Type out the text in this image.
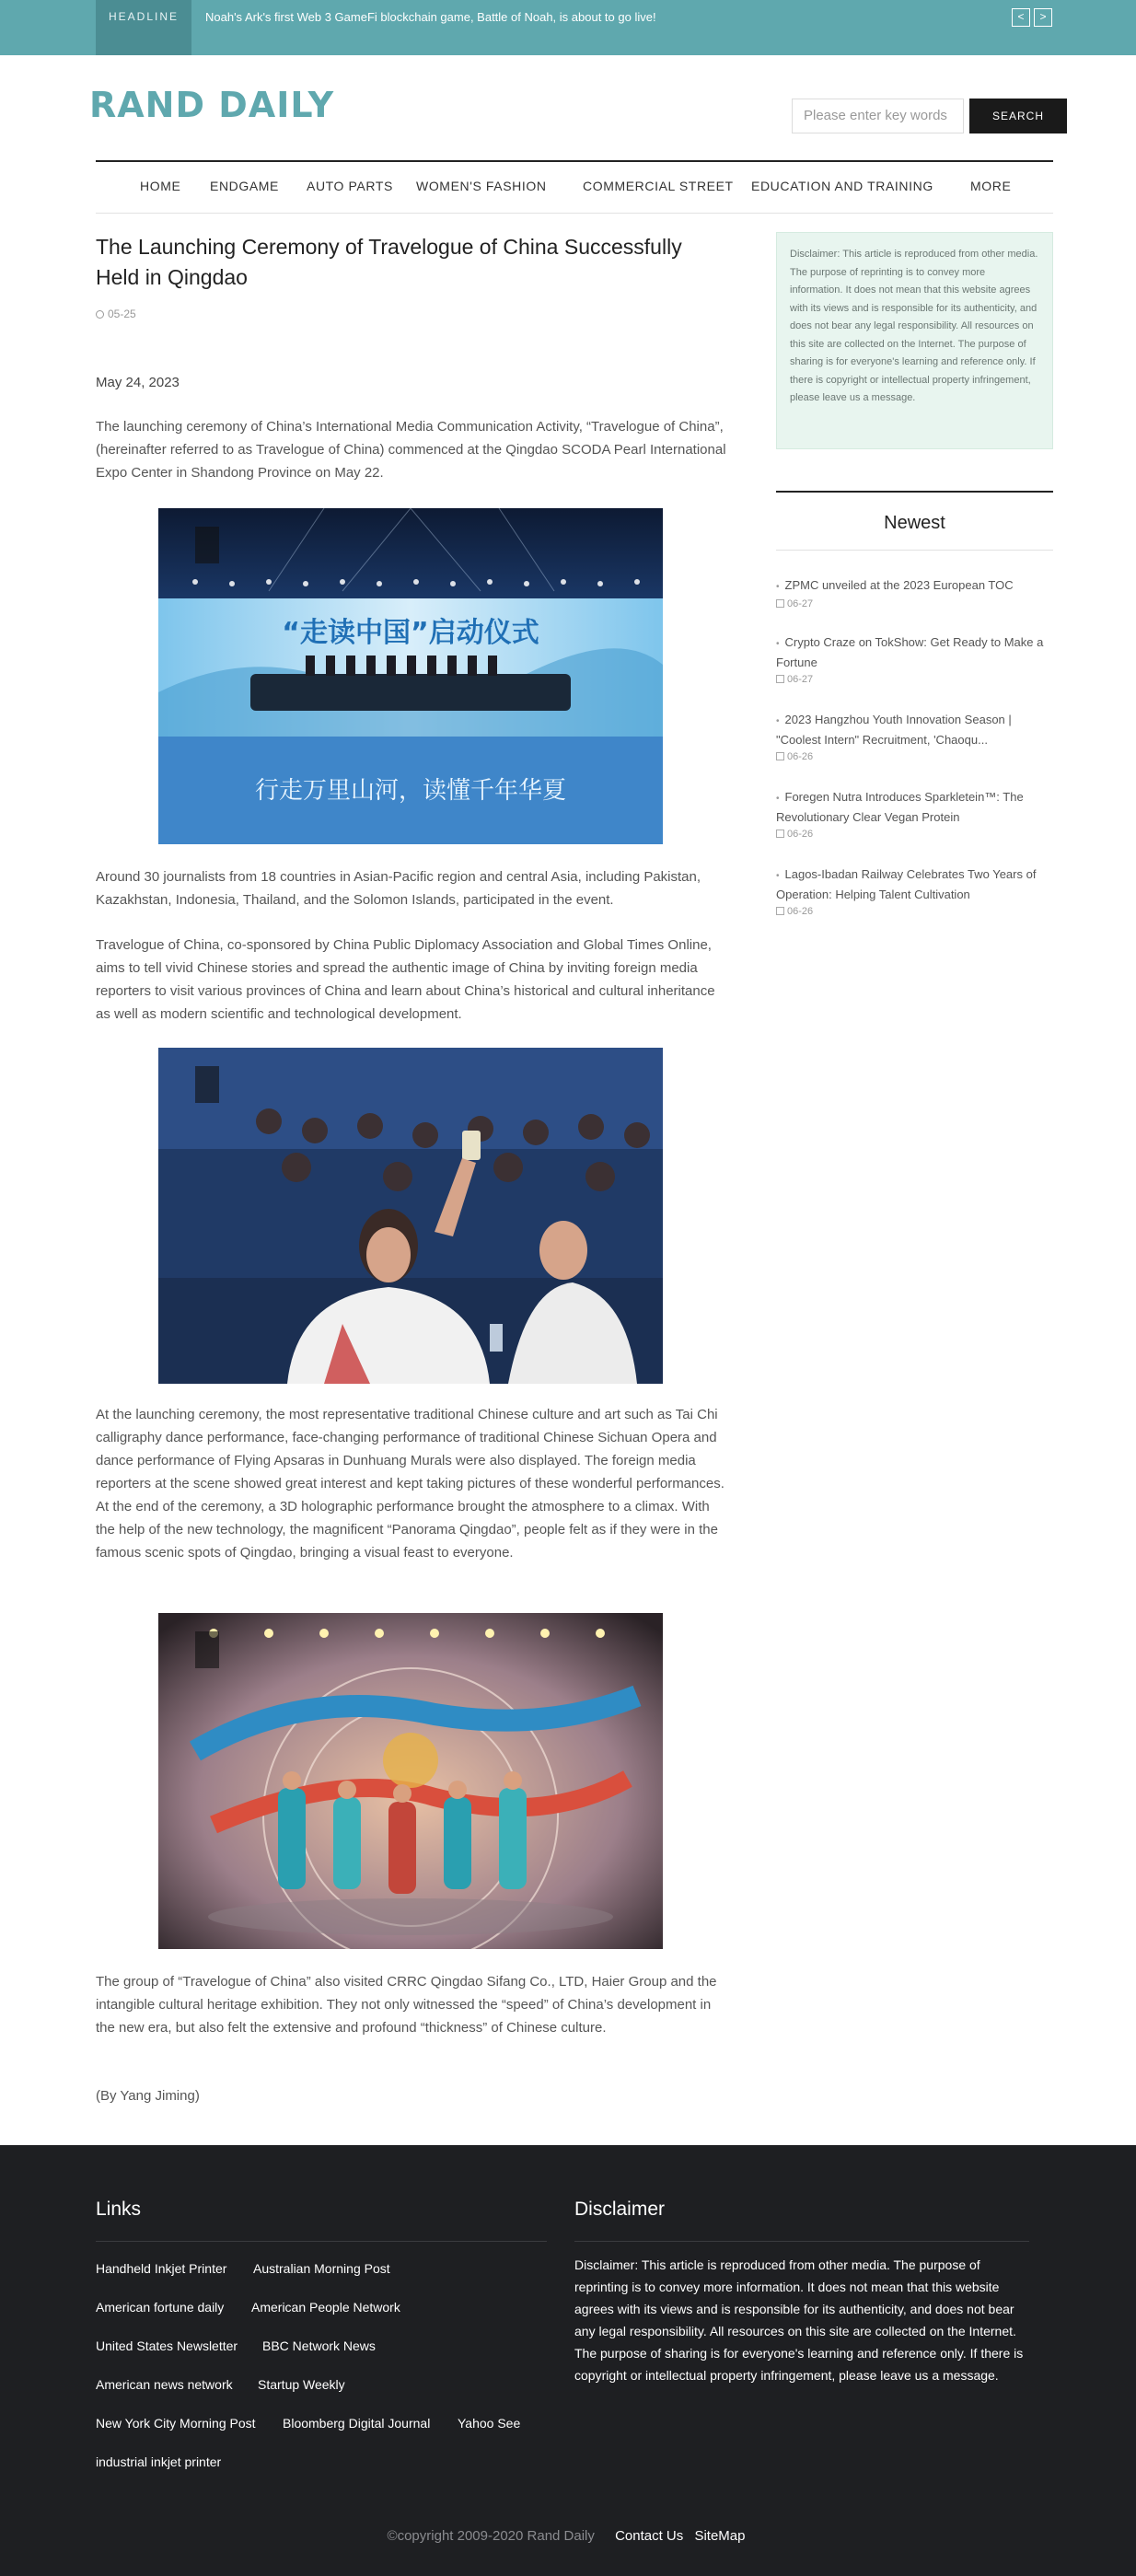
HEADLINE	Noah's Ark's first Web 3 GameFi blockchain game, Battle of Noah, is about to go live!	<	>
RAND DAILY	Please enter key words	SEARCH
HOME ENDGAME AUTO PARTS WOMEN'S FASHION	COMMERCIAL STREET EDUCATION AND TRAINING	MORE
The Launching Ceremony of Travelogue of China Successfully Held in Qingdao
05-25
May 24, 2023

The launching ceremony of China’s International Media Communication Activity, “Travelogue of China”, (hereinafter referred to as Travelogue of China) commenced at the Qingdao SCODA Pearl International Expo Center in Shandong Province on May 22.

“走读中国”启动仪式
行走万里山河，读懂千年华夏

Around 30 journalists from 18 countries in Asian-Pacific region and central Asia, including Pakistan, Kazakhstan, Indonesia, Thailand, and the Solomon Islands, participated in the event.

Travelogue of China, co-sponsored by China Public Diplomacy Association and Global Times Online, aims to tell vivid Chinese stories and spread the authentic image of China by inviting foreign media reporters to visit various provinces of China and learn about China’s historical and cultural inheritance as well as modern scientific and technological development.

At the launching ceremony, the most representative traditional Chinese culture and art such as Tai Chi calligraphy dance performance, face-changing performance of traditional Chinese Sichuan Opera and dance performance of Flying Apsaras in Dunhuang Murals were also displayed. The foreign media reporters at the scene showed great interest and kept taking pictures of these wonderful performances. At the end of the ceremony, a 3D holographic performance brought the atmosphere to a climax. With the help of the new technology, the magnificent “Panorama Qingdao”, people felt as if they were in the famous scenic spots of Qingdao, bringing a visual feast to everyone.

The group of “Travelogue of China” also visited CRRC Qingdao Sifang Co., LTD, Haier Group and the intangible cultural heritage exhibition. They not only witnessed the “speed” of China’s development in the new era, but also felt the extensive and profound “thickness” of Chinese culture.

(By Yang Jiming)

Disclaimer: This article is reproduced from other media. The purpose of reprinting is to convey more information. It does not mean that this website agrees with its views and is responsible for its authenticity, and does not bear any legal responsibility. All resources on this site are collected on the Internet. The purpose of sharing is for everyone's learning and reference only. If there is copyright or intellectual property infringement, please leave us a message.
Newest
• ZPMC unveiled at the 2023 European TOC
06-27
• Crypto Craze on TokShow: Get Ready to Make a Fortune
06-27
• 2023 Hangzhou Youth Innovation Season | "Coolest Intern" Recruitment, 'Chaoqu...
06-26
• Foregen Nutra Introduces Sparkletein™: The Revolutionary Clear Vegan Protein
06-26
• Lagos-Ibadan Railway Celebrates Two Years of Operation: Helping Talent Cultivation
06-26
Links	Disclaimer
Handheld Inkjet Printer Australian Morning Post
American fortune daily American People Network
United States Newsletter BBC Network News
American news network Startup Weekly
New York City Morning Post Bloomberg Digital Journal Yahoo See
industrial inkjet printer
Disclaimer: This article is reproduced from other media. The purpose of reprinting is to convey more information. It does not mean that this website agrees with its views and is responsible for its authenticity, and does not bear any legal responsibility. All resources on this site are collected on the Internet. The purpose of sharing is for everyone's learning and reference only. If there is copyright or intellectual property infringement, please leave us a message.
©copyright 2009-2020 Rand Daily Contact Us SiteMap
